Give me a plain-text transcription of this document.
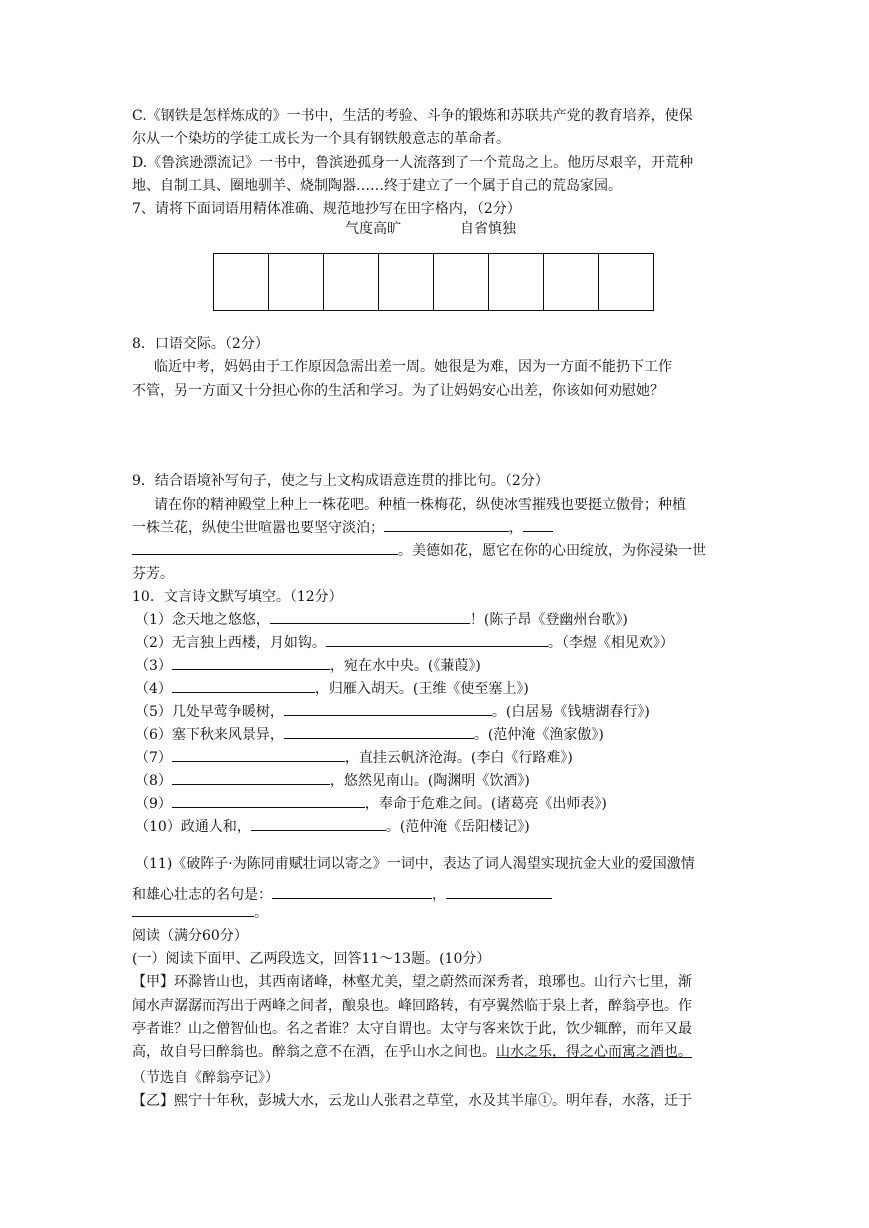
C.《钢铁是怎样炼成的》一书中，生活的考验、斗争的锻炼和苏联共产党的教育培养，使保
尔从一个染坊的学徒工成长为一个具有钢铁般意志的革命者。
D.《鲁滨逊漂流记》一书中，鲁滨逊孤身一人流落到了一个荒岛之上。他历尽艰辛，开荒种
地、自制工具、圈地驯羊、烧制陶器……终于建立了一个属于自己的荒岛家园。
7、请将下面词语用精体准确、规范地抄写在田字格内，（2分）
气度高旷	自省慎独
8．口语交际。（2分）
临近中考，妈妈由于工作原因急需出差一周。她很是为难，因为一方面不能扔下工作
不管，另一方面又十分担心你的生活和学习。为了让妈妈安心出差，你该如何劝慰她？
9．结合语境补写句子，使之与上文构成语意连贯的排比句。（2分）
请在你的精神殿堂上种上一株花吧。种植一株梅花，纵使冰雪摧残也要挺立傲骨；种植
一株兰花，纵使尘世喧嚣也要坚守淡泊；	，
。美德如花，愿它在你的心田绽放，为你浸染一世
芬芳。
10．文言诗文默写填空。（12分）
（1）念天地之悠悠，	！(陈子昂《登幽州台歌》)
（2）无言独上西楼，月如钩。	。（李煜《相见欢》）
（3）	，宛在水中央。(《蒹葭》)
（4）	，归雁入胡天。(王维《使至塞上》)
（5）几处早莺争暖树，	。(白居易《钱塘湖春行》)
（6）塞下秋来风景异，	。(范仲淹《渔家傲》)
（7）	，直挂云帆济沧海。(李白《行路难》)
（8）	，悠然见南山。(陶渊明《饮酒》)
（9）	，奉命于危难之间。(诸葛亮《出师表》)
（10）政通人和，	。(范仲淹《岳阳楼记》)
（11)《破阵子·为陈同甫赋壮词以寄之》一词中，表达了词人渴望实现抗金大业的爱国激情
和雄心壮志的名句是：	，
。
阅读（满分60分）
(一）阅读下面甲、乙两段选文，回答11～13题。(10分）
【甲】环滁皆山也，其西南诸峰，林壑尤美，望之蔚然而深秀者，琅琊也。山行六七里，渐
闻水声潺潺而泻出于两峰之间者，酿泉也。峰回路转，有亭翼然临于泉上者，醉翁亭也。作
亭者谁？山之僧智仙也。名之者谁？太守自谓也。太守与客来饮于此，饮少辄醉，而年又最
高，故自号曰醉翁也。醉翁之意不在酒，在乎山水之间也。山水之乐，得之心而寓之酒也。
（节选自《醉翁亭记》）
【乙】熙宁十年秋，彭城大水，云龙山人张君之草堂，水及其半扉①。明年春，水落，迁于
